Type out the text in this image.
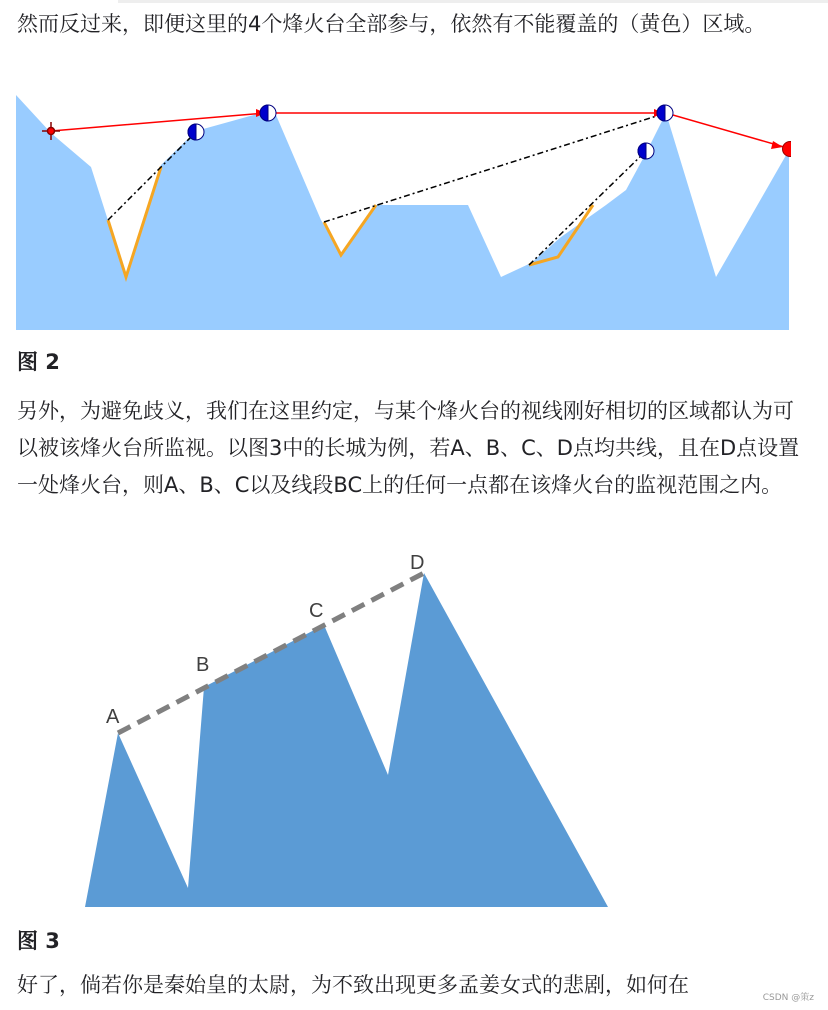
然而反过来，即便这里的4个烽火台全部参与，依然有不能覆盖的（黄色）区域。

图 2

另外，为避免歧义，我们在这里约定，与某个烽火台的视线刚好相切的区域都认为可以被该烽火台所监视。以图3中的长城为例，若A、B、C、D点均共线，且在D点设置一处烽火台，则A、B、C以及线段BC上的任何一点都在该烽火台的监视范围之内。

A
B
C
D

图 3

好了，倘若你是秦始皇的太尉，为不致出现更多孟姜女式的悲剧，如何在

CSDN @策z
